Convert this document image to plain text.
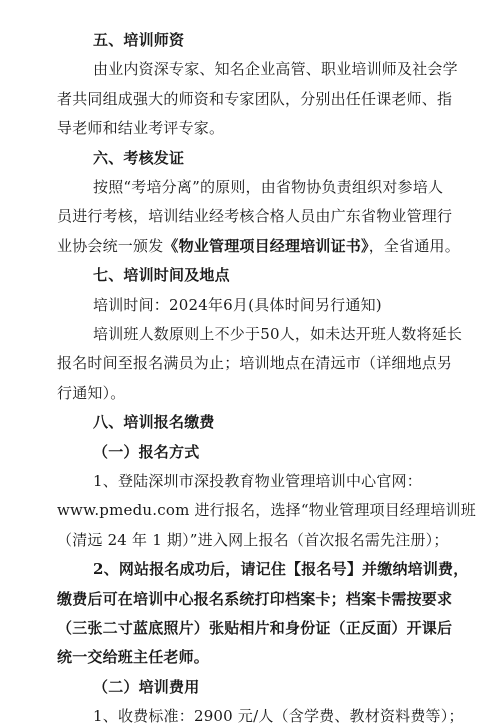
五、培训师资
由业内资深专家、知名企业高管、职业培训师及社会学
者共同组成强大的师资和专家团队，分别出任任课老师、指
导老师和结业考评专家。
六、考核发证
按照“考培分离”的原则，由省物协负责组织对参培人
员进行考核，培训结业经考核合格人员由广东省物业管理行
业协会统一颁发《物业管理项目经理培训证书》，全省通用。
七、培训时间及地点
培训时间：2024年6月(具体时间另行通知)
培训班人数原则上不少于50人，如未达开班人数将延长
报名时间至报名满员为止；培训地点在清远市（详细地点另
行通知）。
八、培训报名缴费
（一）报名方式
1、登陆深圳市深投教育物业管理培训中心官网：
www.pmedu.com 进行报名，选择“物业管理项目经理培训班
（清远 24 年 1 期）”进入网上报名（首次报名需先注册）；
2、网站报名成功后，请记住【报名号】并缴纳培训费，
缴费后可在培训中心报名系统打印档案卡；档案卡需按要求
（三张二寸蓝底照片）张贴相片和身份证（正反面）开课后
统一交给班主任老师。
（二）培训费用
1、收费标准：2900 元/人（含学费、教材资料费等）；
